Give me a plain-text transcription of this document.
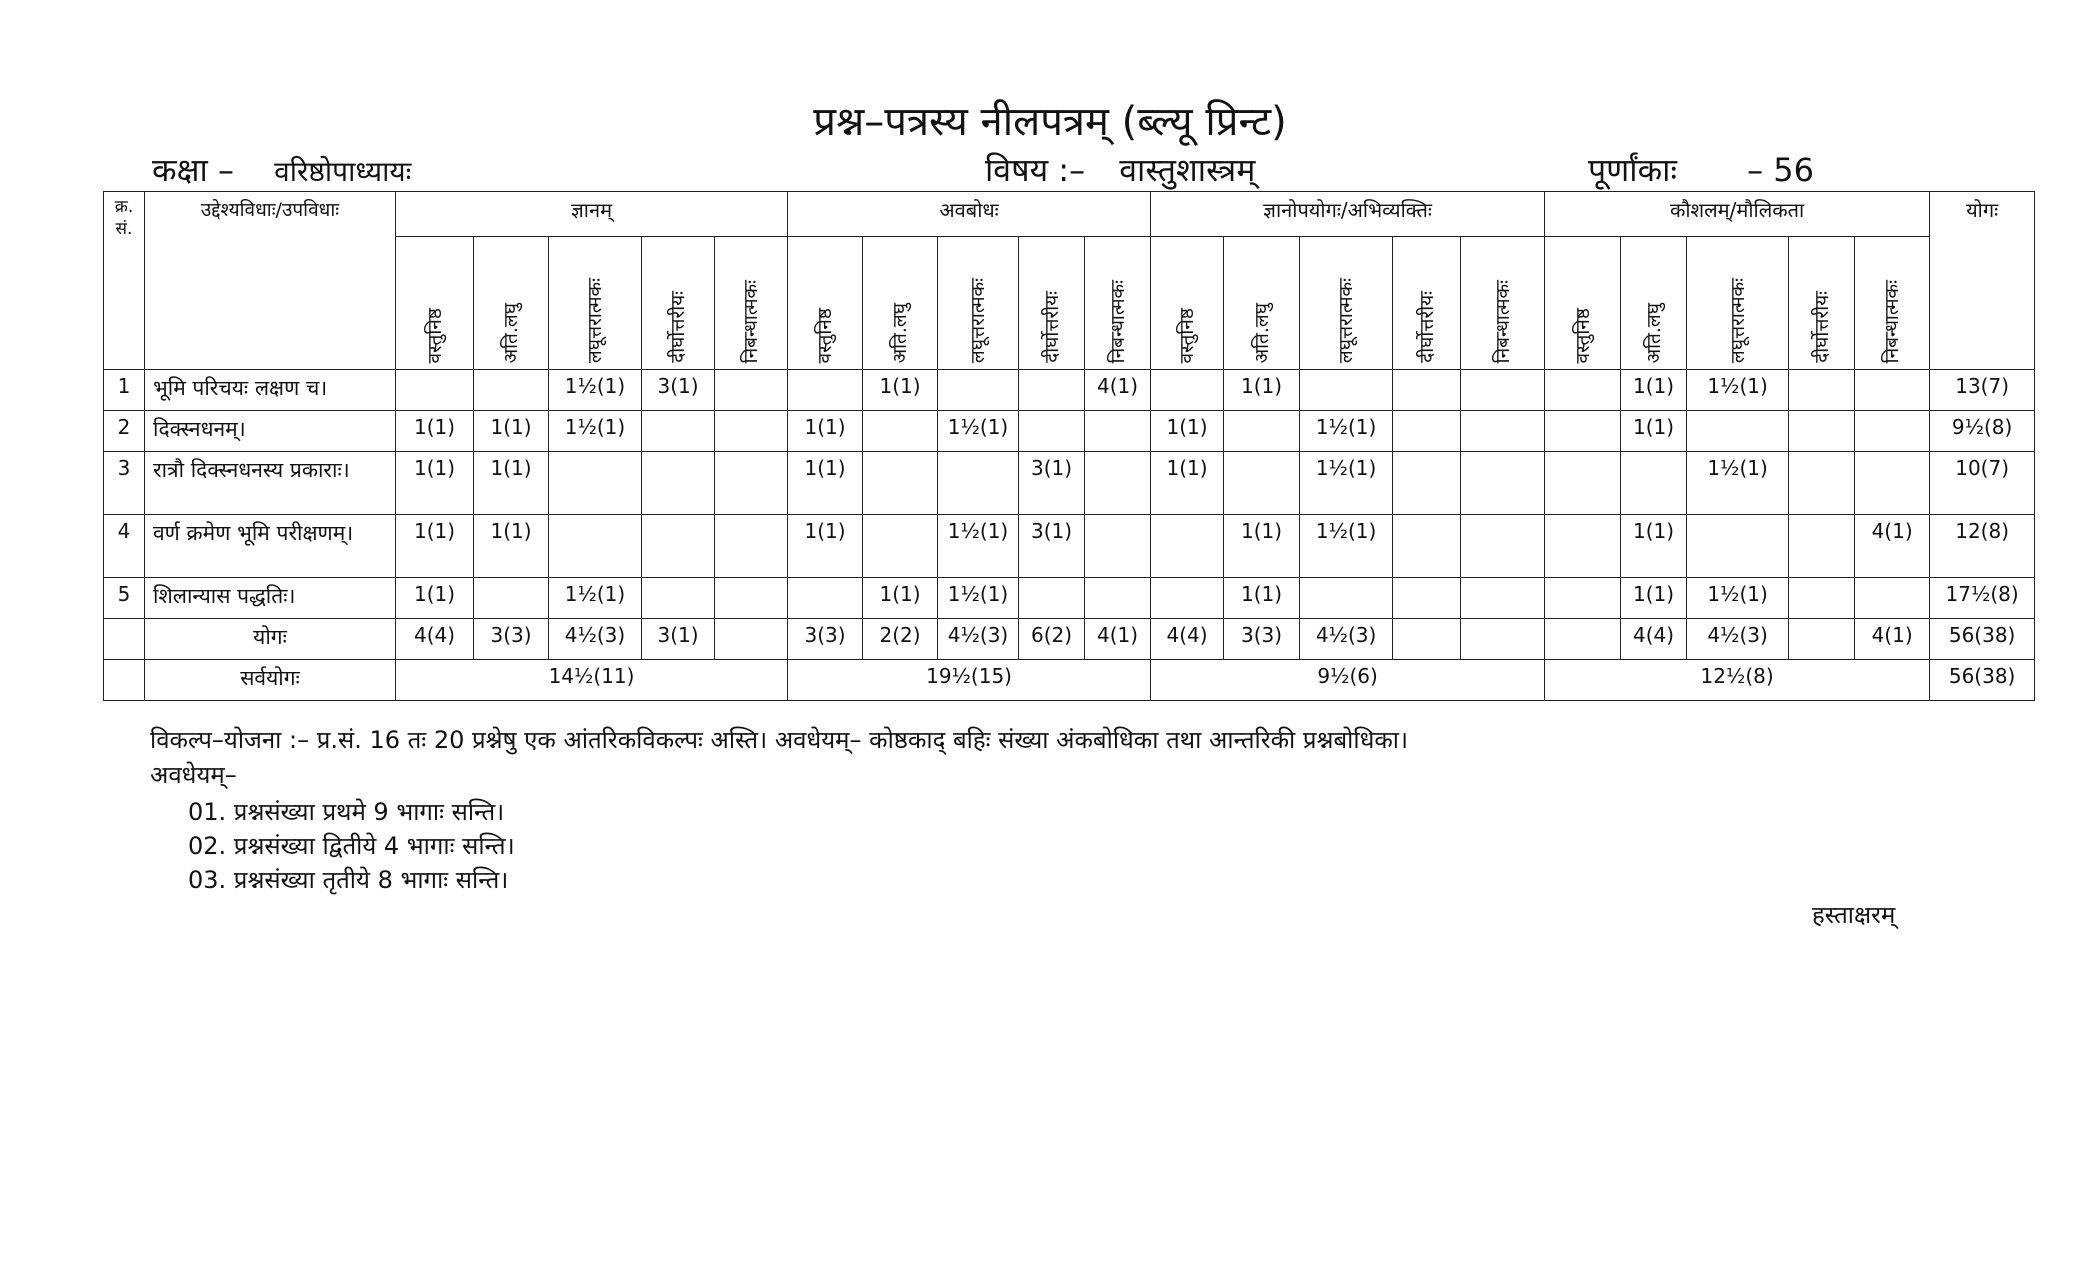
प्रश्न–पत्रस्य नीलपत्रम् (ब्ल्यू प्रिन्ट)
कक्षा – वरिष्ठोपाध्यायः	विषय :– वास्तुशास्त्रम्	पूर्णांकाः – 56
क्र. सं.	उद्देश्यविधाः/उपविधाः	ज्ञानम्					अवबोधः					ज्ञानोपयोगः/अभिव्यक्तिः					कौशलम्/मौलिकता					योगः

		वस्तुनिष्ठ	अति.लघु	लघूत्तरात्मकः	दीर्घोत्तरीयः	निबन्धात्मकः	वस्तुनिष्ठ	अति.लघु	लघूत्तरात्मकः	दीर्घोत्तरीयः	निबन्धात्मकः	वस्तुनिष्ठ	अति.लघु	लघूत्तरात्मकः	दीर्घोत्तरीयः	निबन्धात्मकः	वस्तुनिष्ठ	अति.लघु	लघूत्तरात्मकः	दीर्घोत्तरीयः	निबन्धात्मकः	

1	भूमि परिचयः लक्षण च।			1½(1)	3(1)			1(1)			4(1)		1(1)					1(1)	1½(1)			13(7)
2	दिक्स्नधनम्।	1(1)	1(1)	1½(1)			1(1)		1½(1)			1(1)		1½(1)				1(1)				9½(8)
3	रात्रौ दिक्स्नधनस्य प्रकाराः।	1(1)	1(1)				1(1)			3(1)		1(1)		1½(1)					1½(1)			10(7)
4	वर्ण क्रमेण भूमि परीक्षणम्।	1(1)	1(1)				1(1)		1½(1)	3(1)			1(1)	1½(1)				1(1)			4(1)	12(8)
5	शिलान्यास पद्धतिः।	1(1)		1½(1)				1(1)	1½(1)				1(1)					1(1)	1½(1)			17½(8)
	योगः	4(4)	3(3)	4½(3)	3(1)		3(3)	2(2)	4½(3)	6(2)	4(1)	4(4)	3(3)	4½(3)				4(4)	4½(3)		4(1)	56(38)
	सर्वयोगः	14½(11)					19½(15)					9½(6)					12½(8)					56(38)
विकल्प–योजना :– प्र.सं. 16 तः 20 प्रश्नेषु एक आंतरिकविकल्पः अस्ति। अवधेयम्– कोष्ठकाद् बहिः संख्या अंकबोधिका तथा आन्तरिकी प्रश्नबोधिका।
अवधेयम्–
01. प्रश्नसंख्या प्रथमे 9 भागाः सन्ति।
02. प्रश्नसंख्या द्वितीये 4 भागाः सन्ति।
03. प्रश्नसंख्या तृतीये 8 भागाः सन्ति।
हस्ताक्षरम्
